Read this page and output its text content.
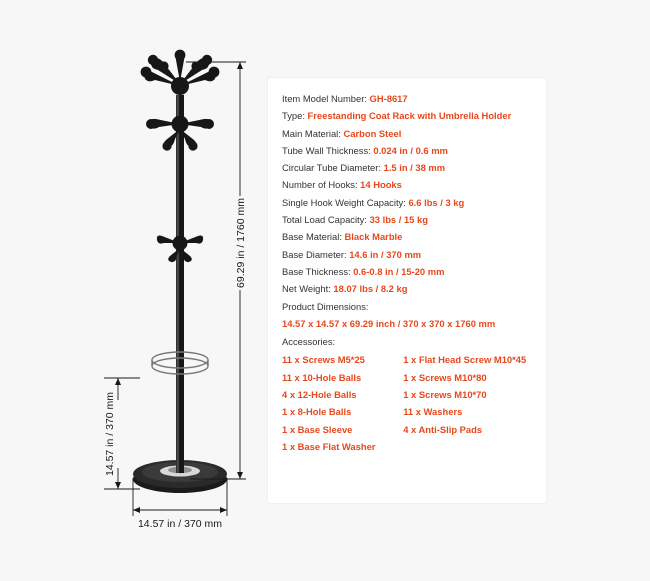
69.29 in / 1760 mm
14.57 in / 370 mm
14.57 in / 370 mm
Item Model Number: GH-8617
Type: Freestanding Coat Rack with Umbrella Holder
Main Material: Carbon Steel
Tube Wall Thickness: 0.024 in / 0.6 mm
Circular Tube Diameter: 1.5 in / 38 mm
Number of Hooks: 14 Hooks
Single Hook Weight Capacity: 6.6 lbs / 3 kg
Total Load Capacity: 33 lbs / 15 kg
Base Material: Black Marble
Base Diameter: 14.6 in / 370 mm
Base Thickness: 0.6-0.8 in / 15-20 mm
Net Weight: 18.07 lbs / 8.2 kg
Product Dimensions:
14.57 x 14.57 x 69.29 inch / 370 x 370 x 1760 mm
Accessories:
11 x Screws M5*25
11 x 10-Hole Balls
4 x 12-Hole Balls
1 x 8-Hole Balls
1 x Base Sleeve
1 x Base Flat Washer
1 x Flat Head Screw M10*45
1 x Screws M10*80
1 x Screws M10*70
11 x Washers
4 x Anti-Slip Pads
